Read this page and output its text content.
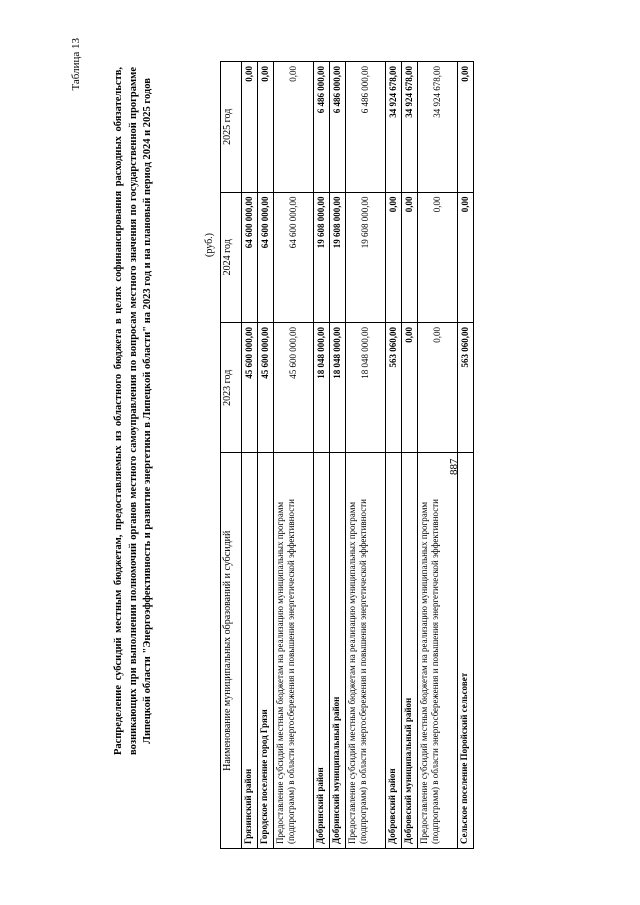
887
Таблица 13
Распределение субсидий местным бюджетам, предоставляемых из областного бюджета в целях софинансирования расходных обязательств, возникающих при выполнении полномочий органов местного самоуправления по вопросам местного значения по государственной программе Липецкой области "Энергоэффективность и развитие энергетики в Липецкой области" на 2023 год и на плановый период 2024 и 2025 годов	(руб.)
Наименование муниципальных образований и субсидий	2023 год	2024 год	2025 год
Грязинский район	45 600 000,00	64 600 000,00	0,00
Городское поселение город Грязи	45 600 000,00	64 600 000,00	0,00
Предоставление субсидий местным бюджетам на реализацию муниципальных программ (подпрограмм) в области энергосбережения и повышения энергетической эффективности	45 600 000,00	64 600 000,00	0,00
Добринский район	18 048 000,00	19 608 000,00	6 486 000,00
Добринский муниципальный район	18 048 000,00	19 608 000,00	6 486 000,00
Предоставление субсидий местным бюджетам на реализацию муниципальных программ (подпрограмм) в области энергосбережения и повышения энергетической эффективности	18 048 000,00	19 608 000,00	6 486 000,00
Добровский район	563 060,00	0,00	34 924 678,00
Добровский муниципальный район	0,00	0,00	34 924 678,00
Предоставление субсидий местным бюджетам на реализацию муниципальных программ (подпрограмм) в области энергосбережения и повышения энергетической эффективности	0,00	0,00	34 924 678,00
Сельское поселение Поройский сельсовет	563 060,00	0,00	0,00
